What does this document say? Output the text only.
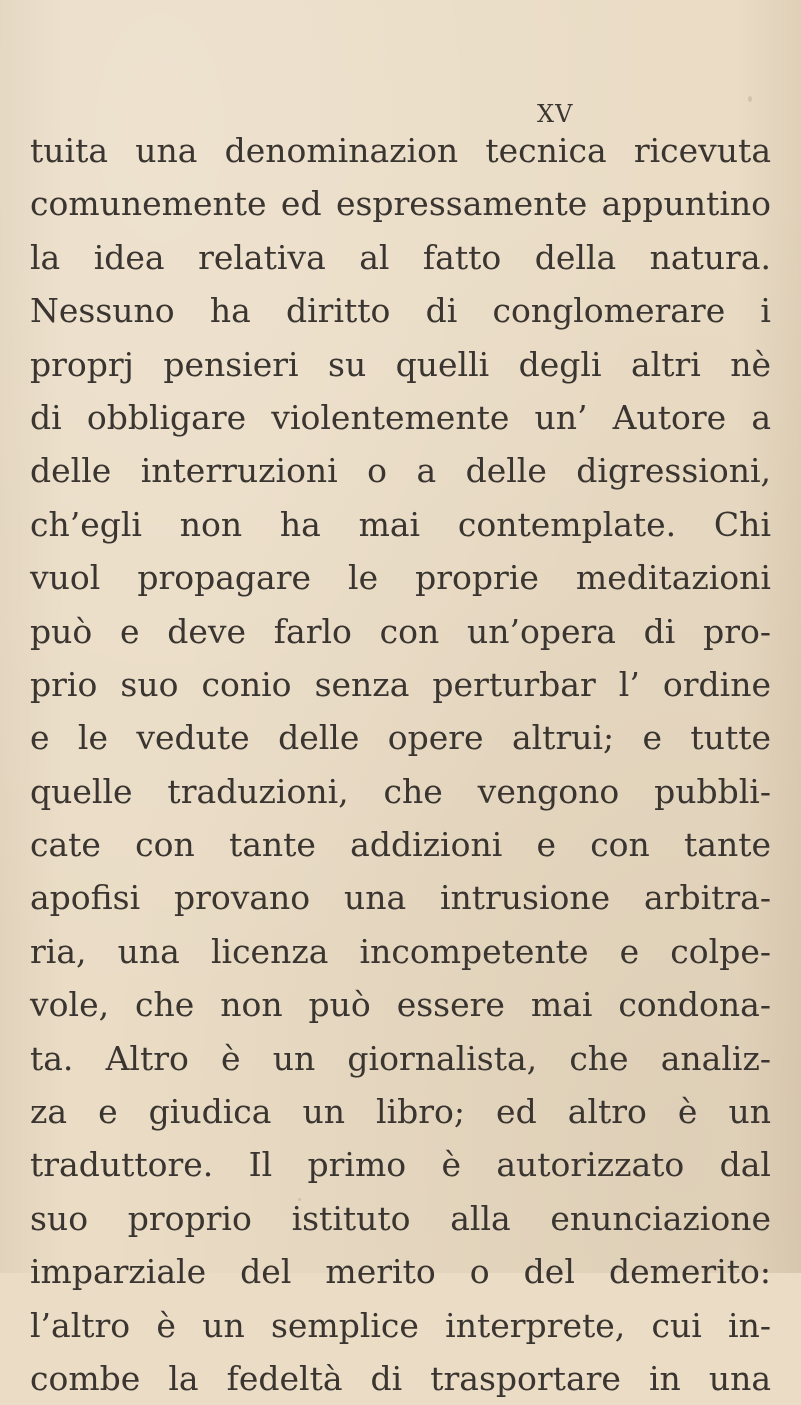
XV
tuita una denominazion tecnica ricevuta
comunemente ed espressamente appuntino
la idea relativa al fatto della natura.
Nessuno ha diritto di conglomerare i
proprj pensieri su quelli degli altri nè
di obbligare violentemente un’ Autore a
delle interruzioni o a delle digressioni,
ch’egli non ha mai contemplate. Chi
vuol propagare le proprie meditazioni
può e deve farlo con un’opera di pro-
prio suo conio senza perturbar l’ ordine
e le vedute delle opere altrui; e tutte
quelle traduzioni, che vengono pubbli-
cate con tante addizioni e con tante
apofisi provano una intrusione arbitra-
ria, una licenza incompetente e colpe-
vole, che non può essere mai condona-
ta. Altro è un giornalista, che analiz-
za e giudica un libro; ed altro è un
traduttore. Il primo è autorizzato dal
suo proprio istituto alla enunciazione
imparziale del merito o del demerito:
l’altro è un semplice interprete, cui in-
combe la fedeltà di trasportare in una
